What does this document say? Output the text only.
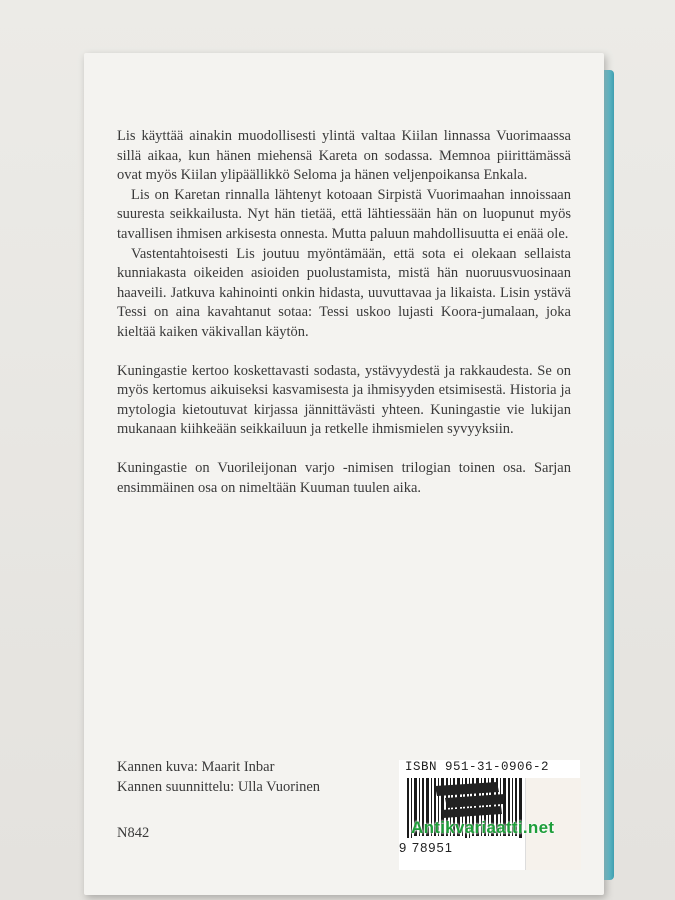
Lis käyttää ainakin muodollisesti ylintä valtaa Kiilan linnassa Vuorimaassa sillä aikaa, kun hänen miehensä Kareta on sodassa. Memnoa piirittämässä ovat myös Kiilan ylipäällikkö Seloma ja hänen veljenpoikansa Enkala.

Lis on Karetan rinnalla lähtenyt kotoaan Sirpistä Vuorimaahan innoissaan suuresta seikkailusta. Nyt hän tietää, että lähtiessään hän on luopunut myös tavallisen ihmisen arkisesta onnesta. Mutta paluun mahdollisuutta ei enää ole.

Vastentahtoisesti Lis joutuu myöntämään, että sota ei olekaan sellaista kunniakasta oikeiden asioiden puolustamista, mistä hän nuoruusvuosinaan haaveili. Jatkuva kahinointi onkin hidasta, uuvuttavaa ja likaista. Lisin ystävä Tessi on aina kavahtanut sotaa: Tessi uskoo lujasti Koora-jumalaan, joka kieltää kaiken väkivallan käytön.

Kuningastie kertoo koskettavasti sodasta, ystävyydestä ja rakkaudesta. Se on myös kertomus aikuiseksi kasvamisesta ja ihmisyyden etsimisestä. Historia ja mytologia kietoutuvat kirjassa jännittävästi yhteen. Kuningastie vie lukijan mukanaan kiihkeään seikkailuun ja retkelle ihmismielen syvyyksiin.

Kuningastie on Vuorileijonan varjo -nimisen trilogian toinen osa. Sarjan ensimmäinen osa on nimeltään Kuuman tuulen aika.

Kannen kuva: Maarit Inbar
Kannen suunnittelu: Ulla Vuorinen
N842
ISBN 951-31-0906-2
9 78951
Antikvariaatti.net
